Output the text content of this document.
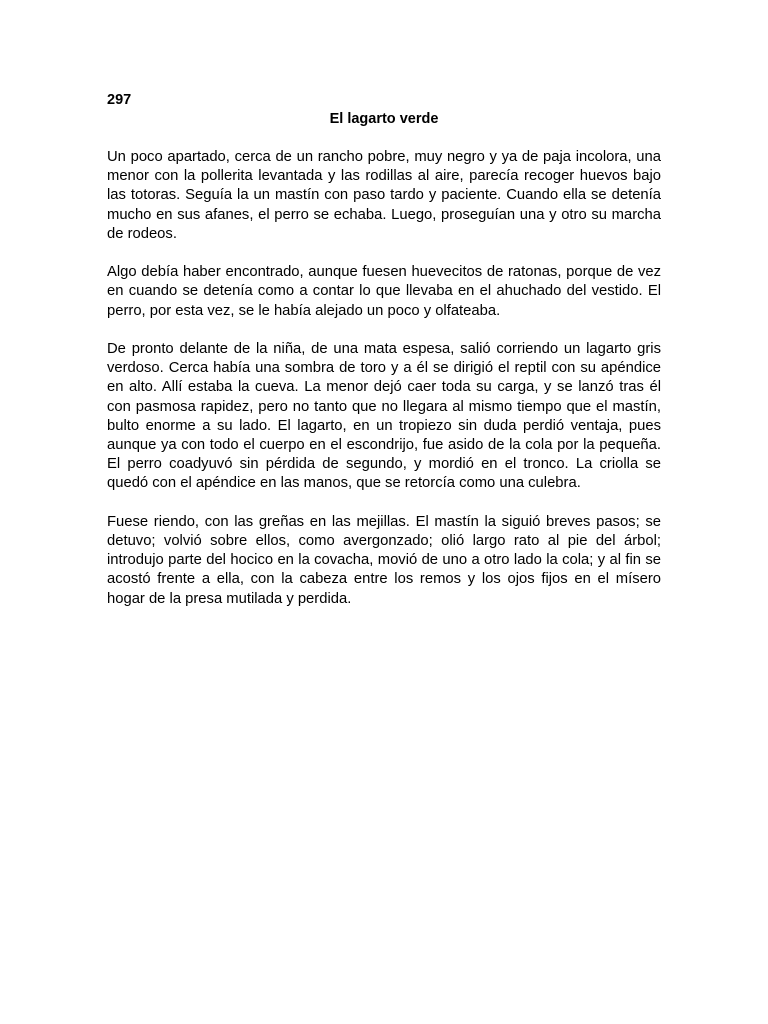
297

El lagarto verde

Un poco apartado, cerca de un rancho pobre, muy negro y ya de paja incolora, una menor con la pollerita levantada y las rodillas al aire, parecía recoger huevos bajo las totoras. Seguía la un mastín con paso tardo y paciente. Cuando ella se detenía mucho en sus afanes, el perro se echaba. Luego, proseguían una y otro su marcha de rodeos.

Algo debía haber encontrado, aunque fuesen huevecitos de ratonas, porque de vez en cuando se detenía como a contar lo que llevaba en el ahuchado del vestido. El perro, por esta vez, se le había alejado un poco y olfateaba.

De pronto delante de la niña, de una mata espesa, salió corriendo un lagarto gris verdoso. Cerca había una sombra de toro y a él se dirigió el reptil con su apéndice en alto. Allí estaba la cueva. La menor dejó caer toda su carga, y se lanzó tras él con pasmosa rapidez, pero no tanto que no llegara al mismo tiempo que el mastín, bulto enorme a su lado. El lagarto, en un tropiezo sin duda perdió ventaja, pues aunque ya con todo el cuerpo en el escondrijo, fue asido de la cola por la pequeña. El perro coadyuvó sin pérdida de segundo, y mordió en el tronco. La criolla se quedó con el apéndice en las manos, que se retorcía como una culebra.

Fuese riendo, con las greñas en las mejillas. El mastín la siguió breves pasos; se detuvo; volvió sobre ellos, como avergonzado; olió largo rato al pie del árbol; introdujo parte del hocico en la covacha, movió de uno a otro lado la cola; y al fin se acostó frente a ella, con la cabeza entre los remos y los ojos fijos en el mísero hogar de la presa mutilada y perdida.
